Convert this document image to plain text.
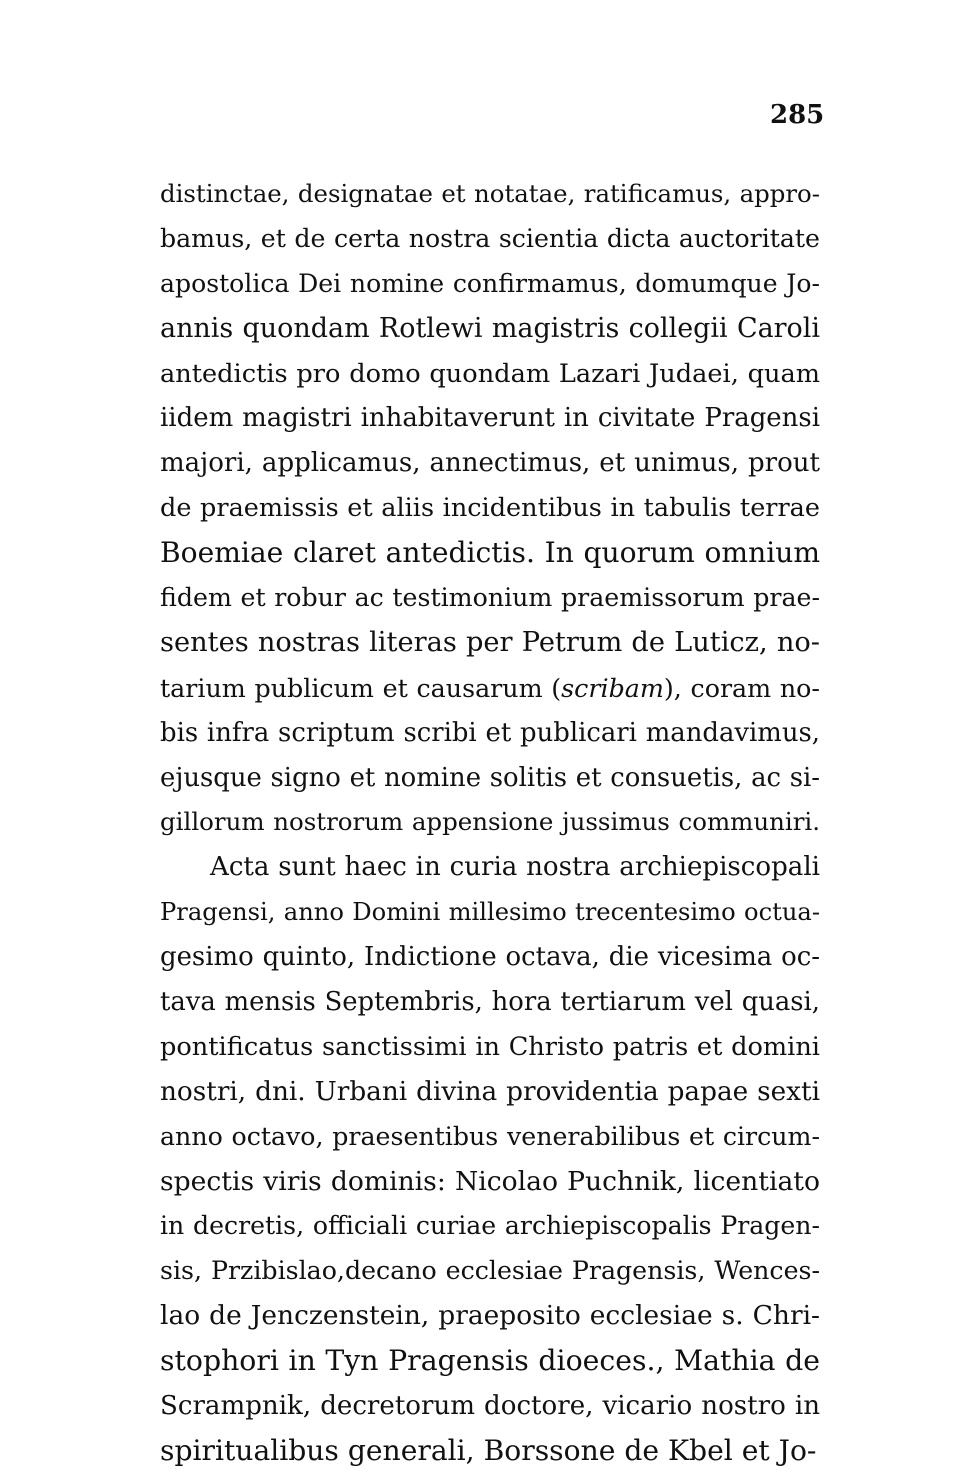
285
distinctae, designatae et notatae, ratificamus, appro-
bamus, et de certa nostra scientia dicta auctoritate
apostolica Dei nomine confirmamus, domumque Jo-
annis quondam Rotlewi magistris collegii Caroli
antedictis pro domo quondam Lazari Judaei, quam
iidem magistri inhabitaverunt in civitate Pragensi
majori, applicamus, annectimus, et unimus, prout
de praemissis et aliis incidentibus in tabulis terrae
Boemiae claret antedictis. In quorum omnium
fidem et robur ac testimonium praemissorum prae-
sentes nostras literas per Petrum de Luticz, no-
tarium publicum et causarum (scribam), coram no-
bis infra scriptum scribi et publicari mandavimus,
ejusque signo et nomine solitis et consuetis, ac si-
gillorum nostrorum appensione jussimus communiri.
Acta sunt haec in curia nostra archiepiscopali
Pragensi, anno Domini millesimo trecentesimo octua-
gesimo quinto, Indictione octava, die vicesima oc-
tava mensis Septembris, hora tertiarum vel quasi,
pontificatus sanctissimi in Christo patris et domini
nostri, dni. Urbani divina providentia papae sexti
anno octavo, praesentibus venerabilibus et circum-
spectis viris dominis: Nicolao Puchnik, licentiato
in decretis, officiali curiae archiepiscopalis Pragen-
sis, Przibislao,decano ecclesiae Pragensis, Wences-
lao de Jenczenstein, praeposito ecclesiae s. Chri-
stophori in Tyn Pragensis dioeces., Mathia de
Scrampnik, decretorum doctore, vicario nostro in
spiritualibus generali, Borssone de Kbel et Jo-
